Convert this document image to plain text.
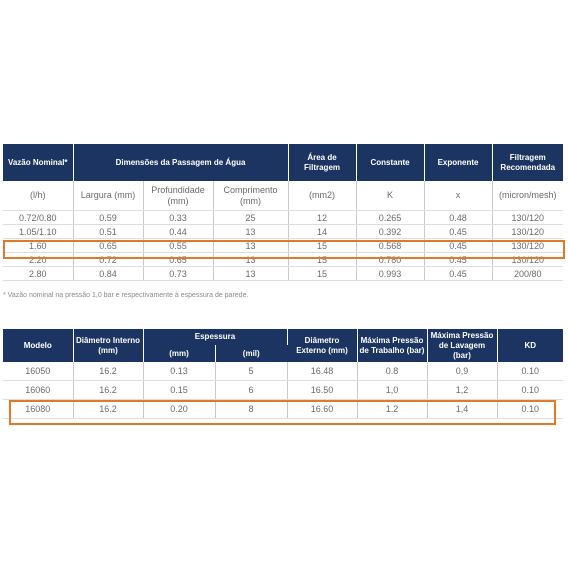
Vazão Nominal*	Dimensões da Passagem de Água			Área de Filtragem	Constante	Exponente	Filtragem Recomendada
(l/h)	Largura (mm)	Profundidade (mm)	Comprimento (mm)	(mm2)	K	x	(micron/mesh)
0.72/0.80	0.59	0.33	25	12	0.265	0.48	130/120
1.05/1.10	0.51	0.44	13	14	0.392	0.45	130/120
1.60	0.65	0.55	13	15	0.568	0.45	130/120
2.20	0.72	0.65	13	15	0.780	0.45	130/120
2.80	0.84	0.73	13	15	0.993	0.45	200/80
* Vazão nominal na pressão 1,0 bar e respectivamente à espessura de parede.
Modelo	Diâmetro Interno (mm)	Espessura		Diâmetro Externo (mm)	Máxima Pressão de Trabalho (bar)	Máxima Pressão de Lavagem (bar)	KD
		(mm)	(mil)				
16050	16.2	0.13	5	16.48	0.8	0,9	0.10
16060	16.2	0.15	6	16.50	1,0	1,2	0.10
16080	16.2	0.20	8	16.60	1.2	1,4	0.10
